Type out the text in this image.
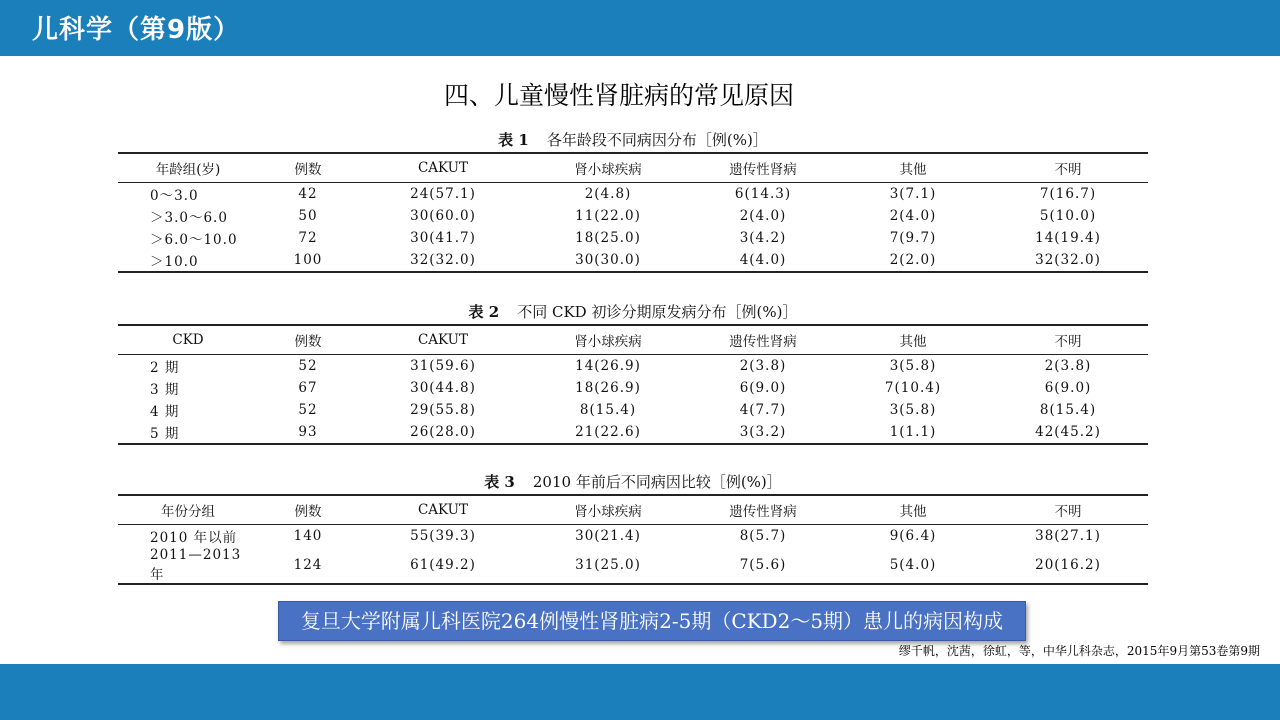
儿科学（第9版）
四、儿童慢性肾脏病的常见原因
表 1 各年龄段不同病因分布［例(%)］
年龄组(岁)	例数	CAKUT	肾小球疾病	遗传性肾病	其他	不明
0～3.0	42	24(57.1)	2(4.8)	6(14.3)	3(7.1)	7(16.7)
＞3.0～6.0	50	30(60.0)	11(22.0)	2(4.0)	2(4.0)	5(10.0)
＞6.0～10.0	72	30(41.7)	18(25.0)	3(4.2)	7(9.7)	14(19.4)
＞10.0	100	32(32.0)	30(30.0)	4(4.0)	2(2.0)	32(32.0)
表 2 不同 CKD 初诊分期原发病分布［例(%)］
CKD	例数	CAKUT	肾小球疾病	遗传性肾病	其他	不明
2 期	52	31(59.6)	14(26.9)	2(3.8)	3(5.8)	2(3.8)
3 期	67	30(44.8)	18(26.9)	6(9.0)	7(10.4)	6(9.0)
4 期	52	29(55.8)	8(15.4)	4(7.7)	3(5.8)	8(15.4)
5 期	93	26(28.0)	21(22.6)	3(3.2)	1(1.1)	42(45.2)
表 3 2010 年前后不同病因比较［例(%)］
年份分组	例数	CAKUT	肾小球疾病	遗传性肾病	其他	不明
2010 年以前	140	55(39.3)	30(21.4)	8(5.7)	9(6.4)	38(27.1)
2011—2013 年	124	61(49.2)	31(25.0)	7(5.6)	5(4.0)	20(16.2)
复旦大学附属儿科医院264例慢性肾脏病2-5期（CKD2～5期）患儿的病因构成
缪千帆，沈茜，徐虹，等，中华儿科杂志，2015年9月第53卷第9期
